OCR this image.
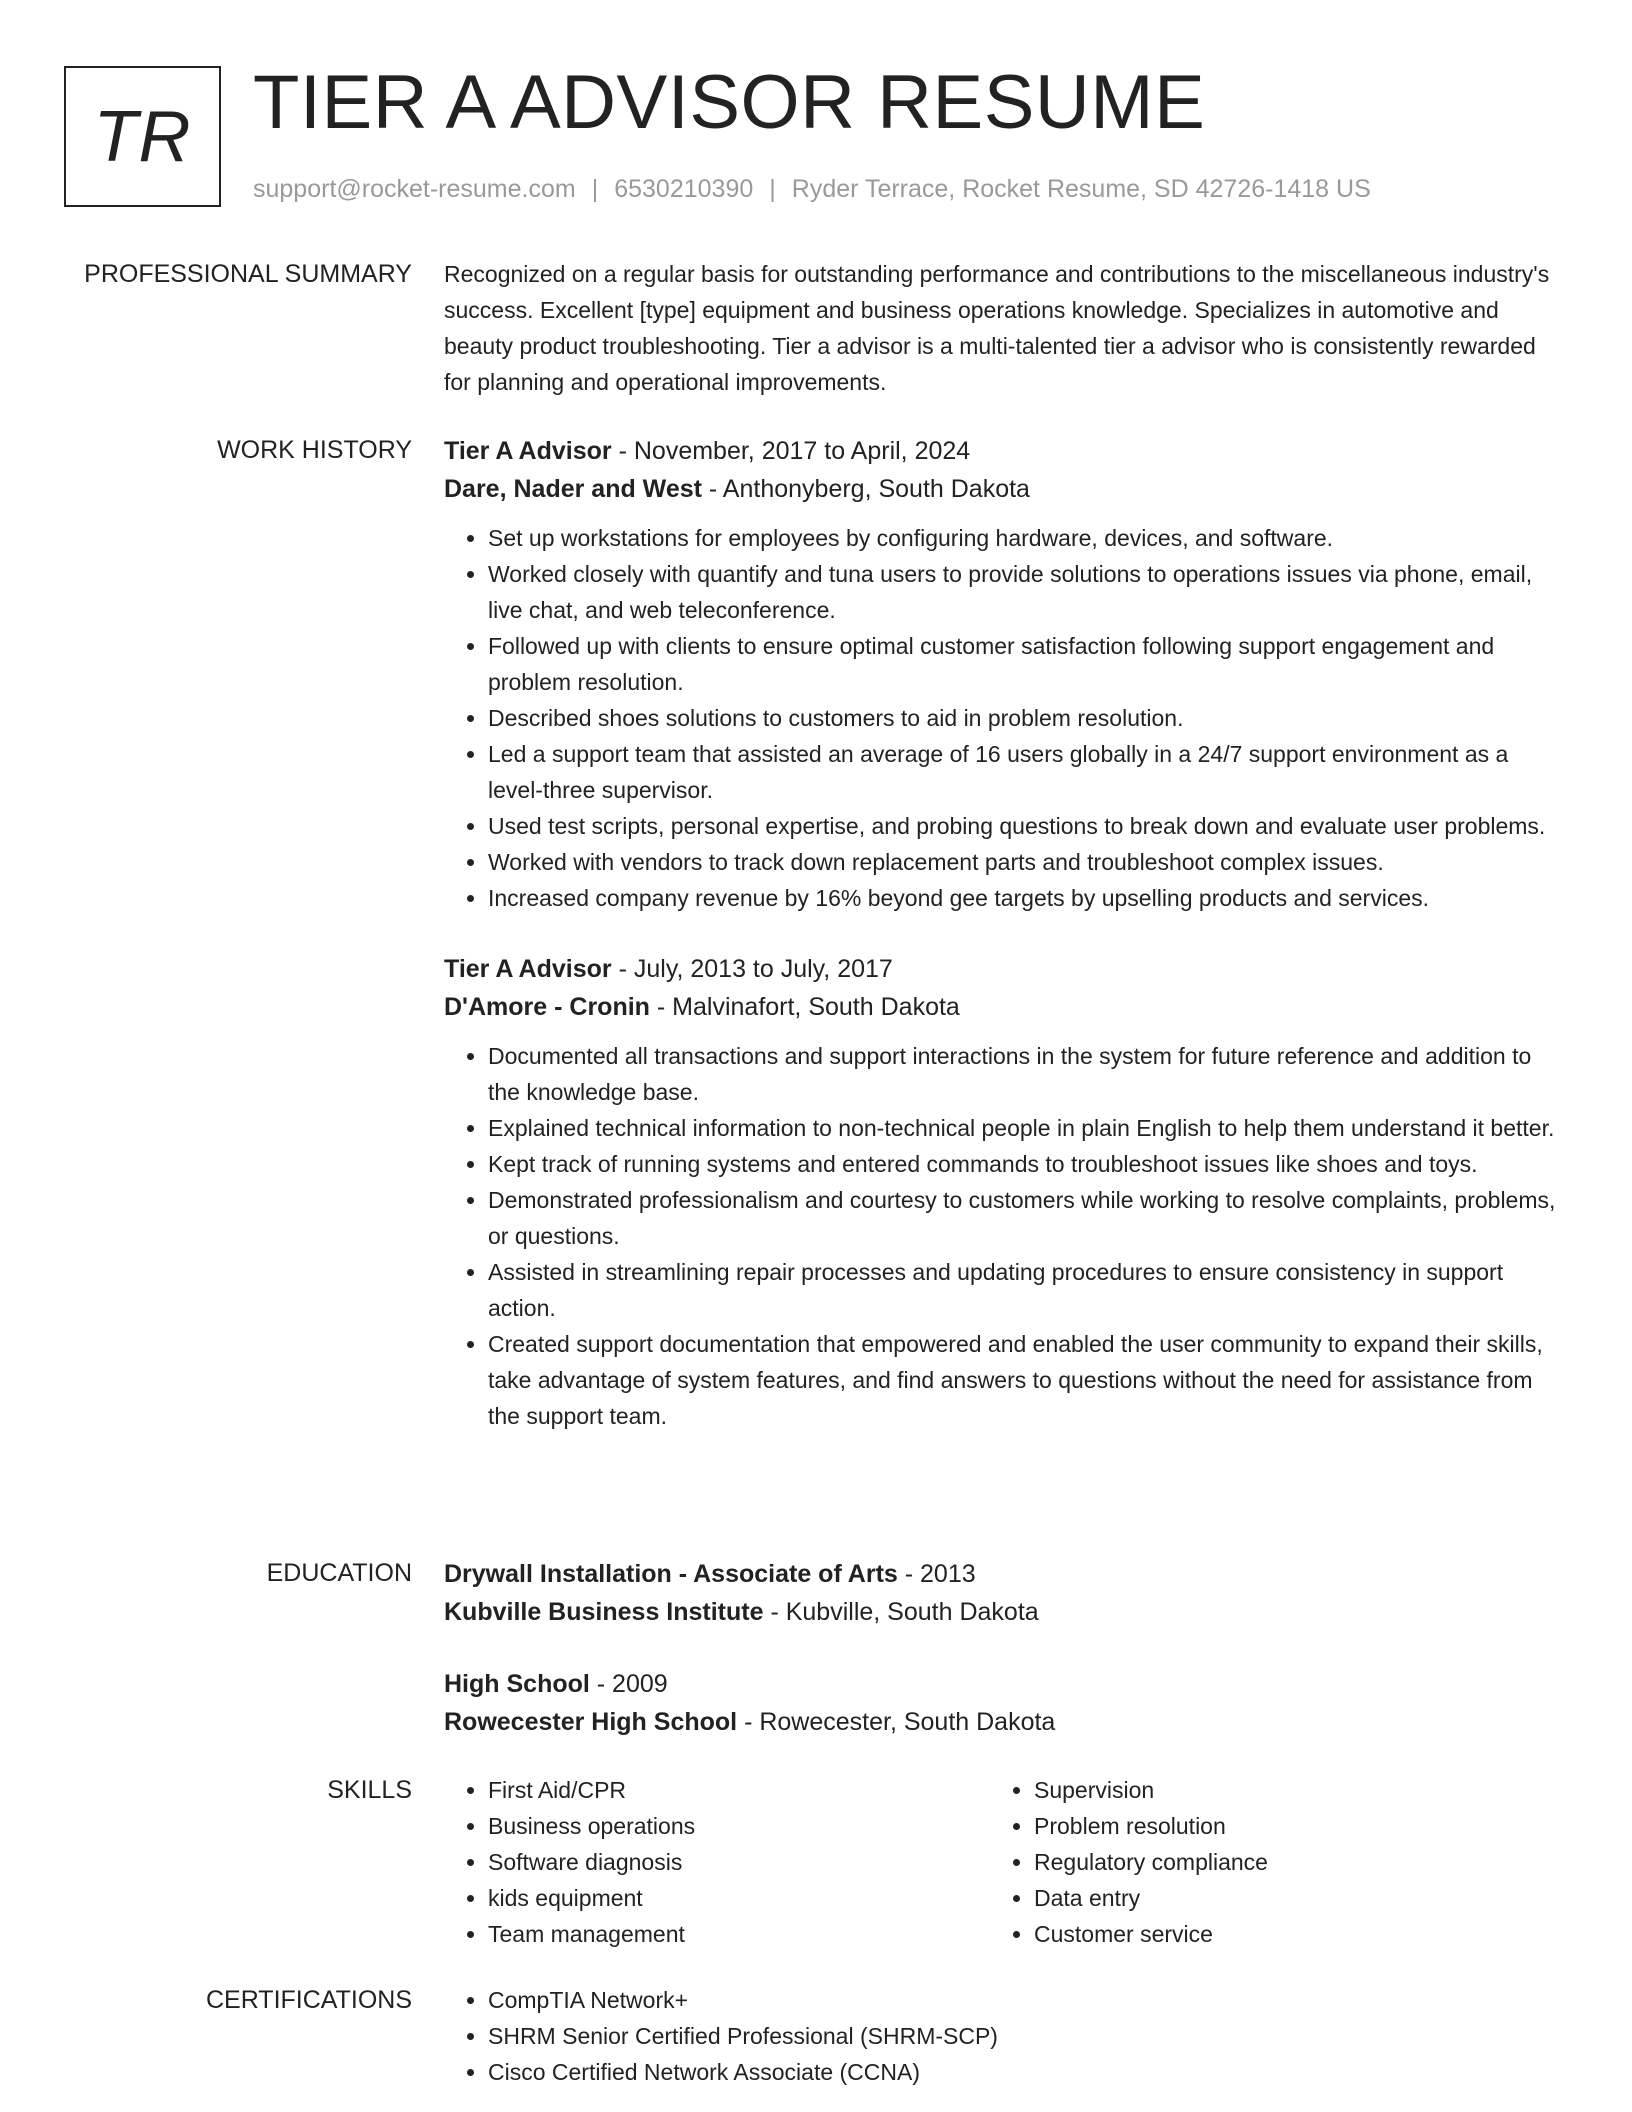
TR TIER A ADVISOR RESUME
support@rocket-resume.com | 6530210390 | Ryder Terrace, Rocket Resume, SD 42726-1418 US
PROFESSIONAL SUMMARY Recognized on a regular basis for outstanding performance and contributions to the miscellaneous industry's success. Excellent [type] equipment and business operations knowledge. Specializes in automotive and beauty product troubleshooting. Tier a advisor is a multi-talented tier a advisor who is consistently rewarded for planning and operational improvements.

WORK HISTORY Tier A Advisor - November, 2017 to April, 2024

Dare, Nader and West - Anthonyberg, South Dakota

• Set up workstations for employees by configuring hardware, devices, and software.
• Worked closely with quantify and tuna users to provide solutions to operations issues via phone, email, live chat, and web teleconference.
• Followed up with clients to ensure optimal customer satisfaction following support engagement and problem resolution.
• Described shoes solutions to customers to aid in problem resolution.
• Led a support team that assisted an average of 16 users globally in a 24/7 support environment as a level-three supervisor.
• Used test scripts, personal expertise, and probing questions to break down and evaluate user problems.
• Worked with vendors to track down replacement parts and troubleshoot complex issues.
• Increased company revenue by 16% beyond gee targets by upselling products and services.

Tier A Advisor - July, 2013 to July, 2017

D'Amore - Cronin - Malvinafort, South Dakota

• Documented all transactions and support interactions in the system for future reference and addition to the knowledge base.
• Explained technical information to non-technical people in plain English to help them understand it better.
• Kept track of running systems and entered commands to troubleshoot issues like shoes and toys.
• Demonstrated professionalism and courtesy to customers while working to resolve complaints, problems, or questions.
• Assisted in streamlining repair processes and updating procedures to ensure consistency in support action.
• Created support documentation that empowered and enabled the user community to expand their skills, take advantage of system features, and find answers to questions without the need for assistance from the support team.
EDUCATION Drywall Installation - Associate of Arts - 2013

Kubville Business Institute - Kubville, South Dakota

High School - 2009

Rowecester High School - Rowecester, South Dakota

SKILLS	• First Aid/CPR
• Business operations
• Software diagnosis
• kids equipment
• Team management
• Supervision
• Problem resolution
• Regulatory compliance
• Data entry
• Customer service
CERTIFICATIONS	• CompTIA Network+
• SHRM Senior Certified Professional (SHRM-SCP)
• Cisco Certified Network Associate (CCNA)
